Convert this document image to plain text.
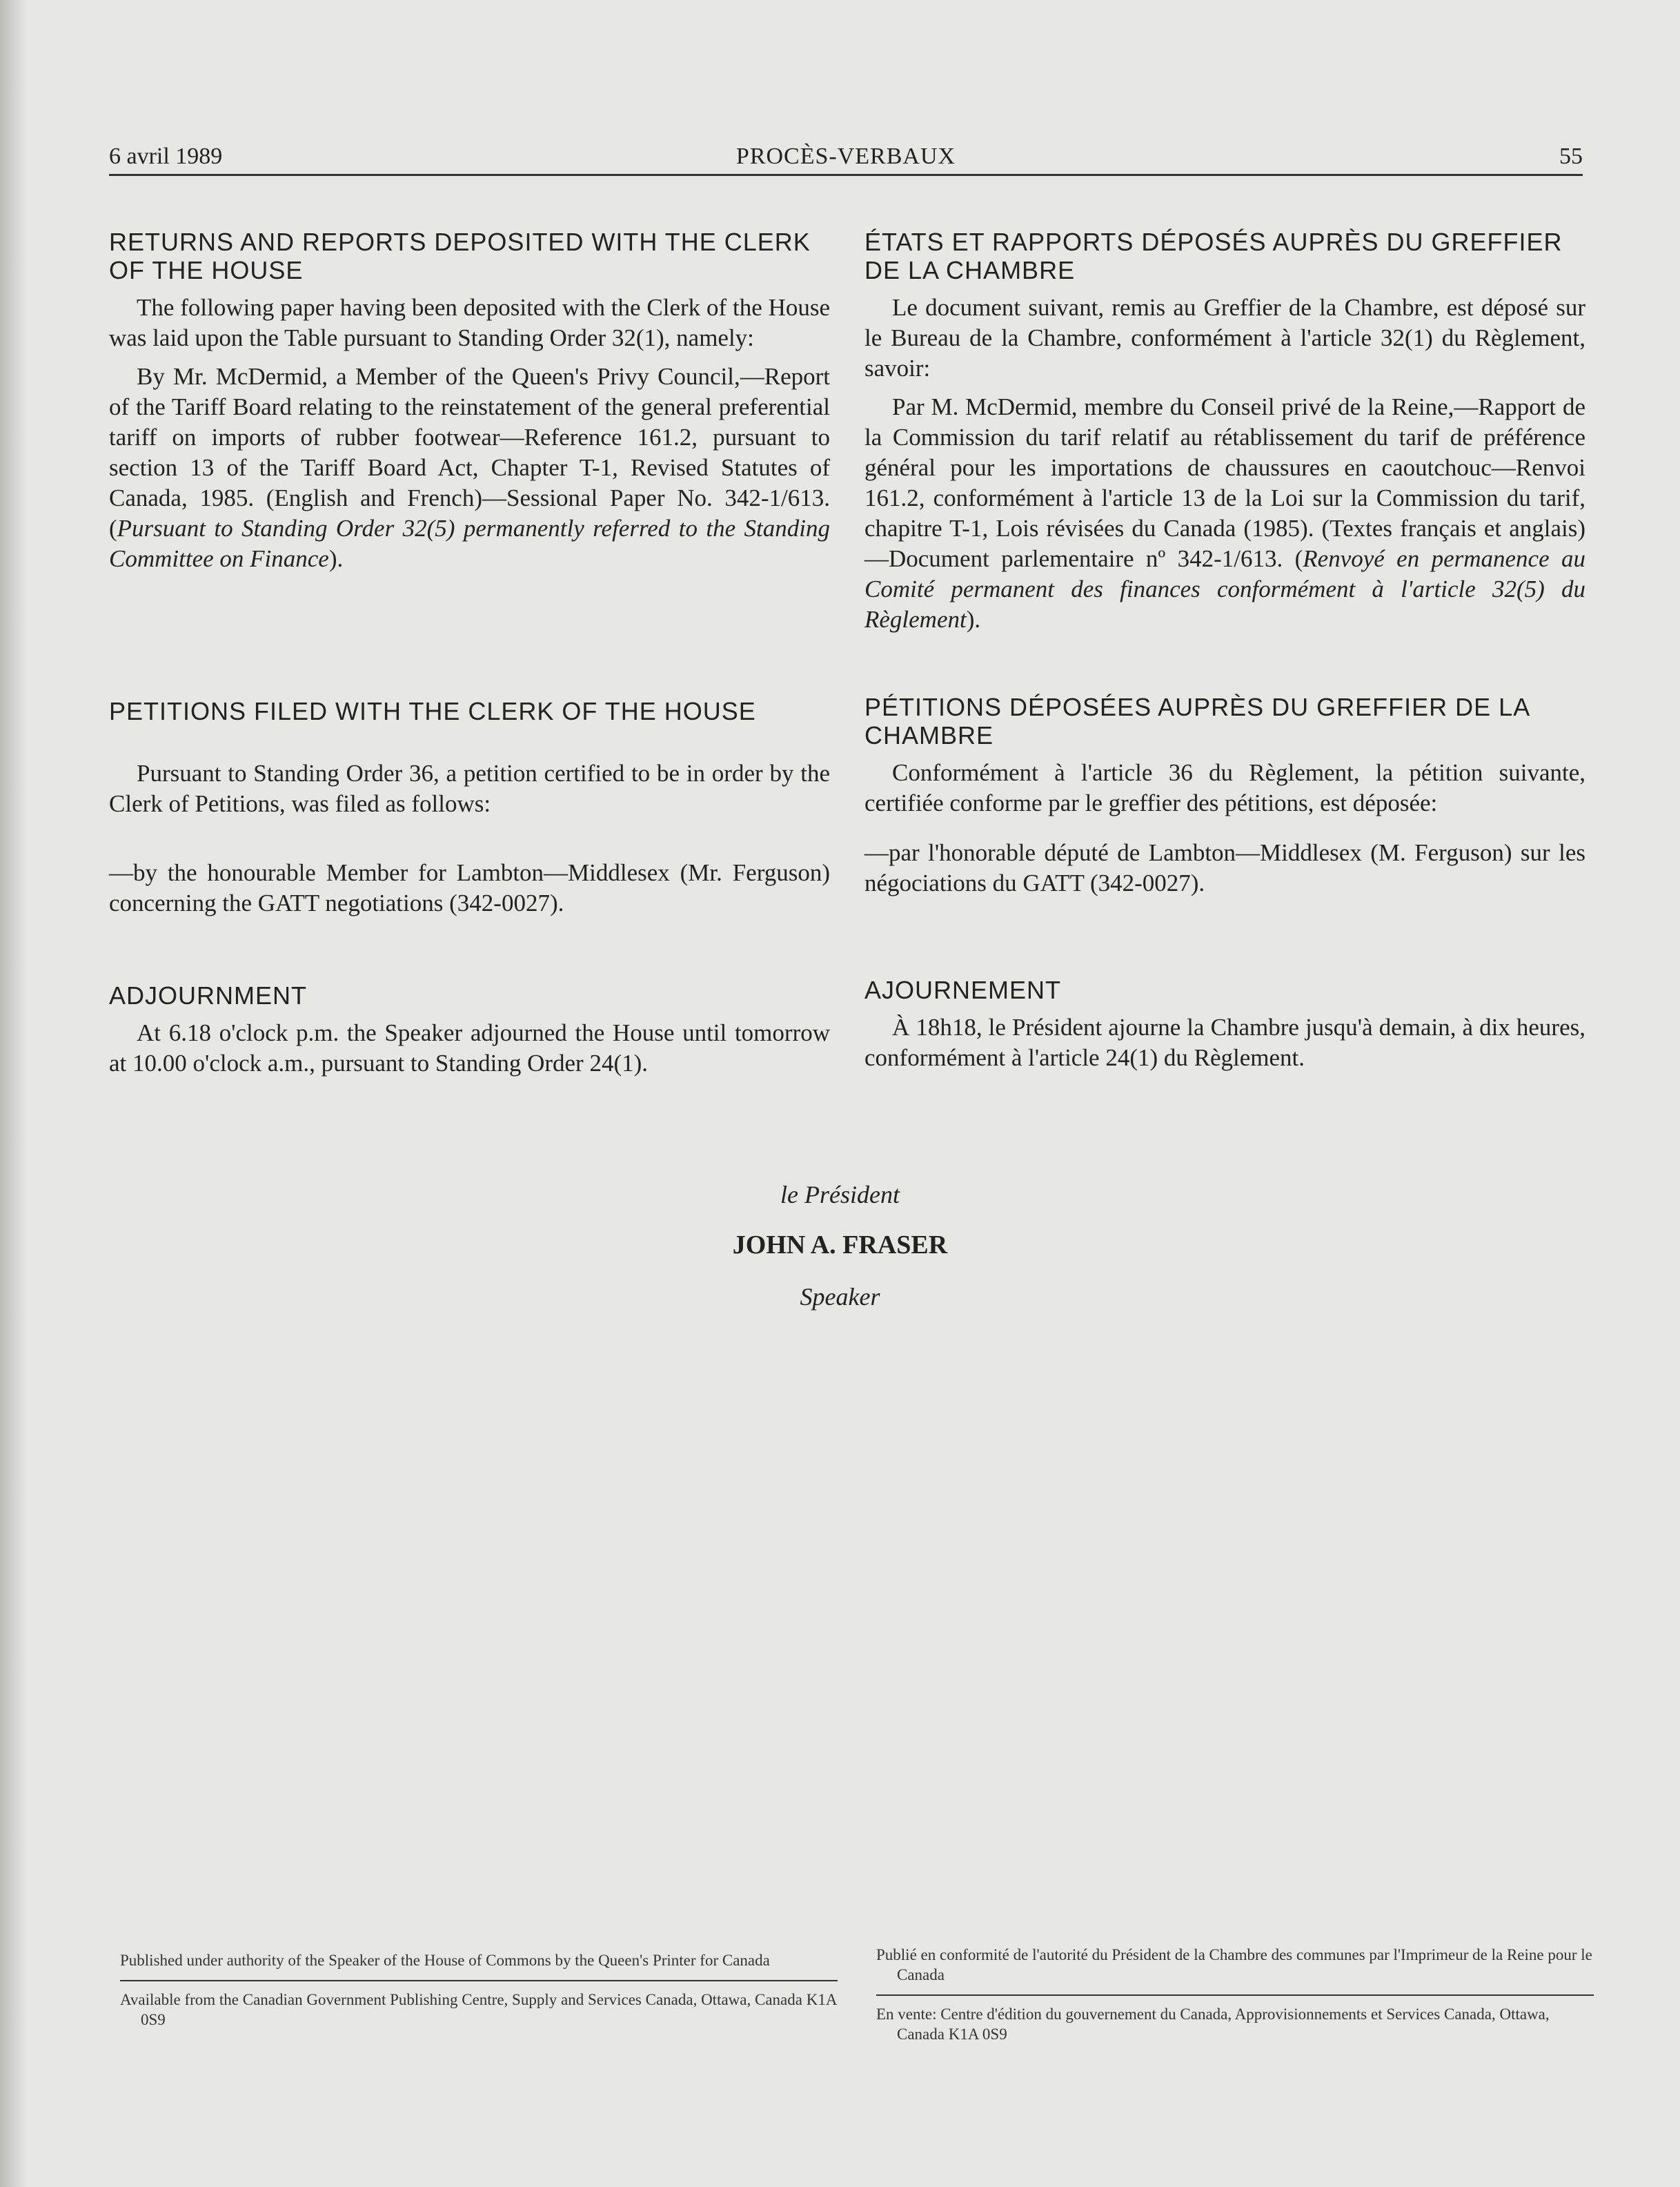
6 avril 1989	PROCÈS-VERBAUX	55
RETURNS AND REPORTS DEPOSITED WITH THE CLERK OF THE HOUSE

The following paper having been deposited with the Clerk of the House was laid upon the Table pursuant to Standing Order 32(1), namely:

By Mr. McDermid, a Member of the Queen's Privy Council,—Report of the Tariff Board relating to the reinstatement of the general preferential tariff on imports of rubber footwear—Reference 161.2, pursuant to section 13 of the Tariff Board Act, Chapter T-1, Revised Statutes of Canada, 1985. (English and French)—Sessional Paper No. 342-1/613. (Pursuant to Standing Order 32(5) permanently referred to the Standing Committee on Finance).

PETITIONS FILED WITH THE CLERK OF THE HOUSE

Pursuant to Standing Order 36, a petition certified to be in order by the Clerk of Petitions, was filed as follows:

—by the honourable Member for Lambton—Middlesex (Mr. Ferguson) concerning the GATT negotiations (342-0027).

ADJOURNMENT

At 6.18 o'clock p.m. the Speaker adjourned the House until tomorrow at 10.00 o'clock a.m., pursuant to Standing Order 24(1).

ÉTATS ET RAPPORTS DÉPOSÉS AUPRÈS DU GREFFIER DE LA CHAMBRE

Le document suivant, remis au Greffier de la Chambre, est déposé sur le Bureau de la Chambre, conformément à l'article 32(1) du Règlement, savoir:

Par M. McDermid, membre du Conseil privé de la Reine,—Rapport de la Commission du tarif relatif au rétablissement du tarif de préférence général pour les importations de chaussures en caoutchouc—Renvoi 161.2, conformément à l'article 13 de la Loi sur la Commission du tarif, chapitre T-1, Lois révisées du Canada (1985). (Textes français et anglais)—Document parlementaire nº 342-1/613. (Renvoyé en permanence au Comité permanent des finances conformément à l'article 32(5) du Règlement).

PÉTITIONS DÉPOSÉES AUPRÈS DU GREFFIER DE LA CHAMBRE

Conformément à l'article 36 du Règlement, la pétition suivante, certifiée conforme par le greffier des pétitions, est déposée:

—par l'honorable député de Lambton—Middlesex (M. Ferguson) sur les négociations du GATT (342-0027).

AJOURNEMENT

À 18h18, le Président ajourne la Chambre jusqu'à demain, à dix heures, conformément à l'article 24(1) du Règlement.

le Président
JOHN A. FRASER
Speaker
Published under authority of the Speaker of the House of Commons by the Queen's Printer for Canada
Available from the Canadian Government Publishing Centre, Supply and Services Canada, Ottawa, Canada K1A 0S9
Publié en conformité de l'autorité du Président de la Chambre des communes par l'Imprimeur de la Reine pour le Canada
En vente: Centre d'édition du gouvernement du Canada, Approvisionnements et Services Canada, Ottawa, Canada K1A 0S9
